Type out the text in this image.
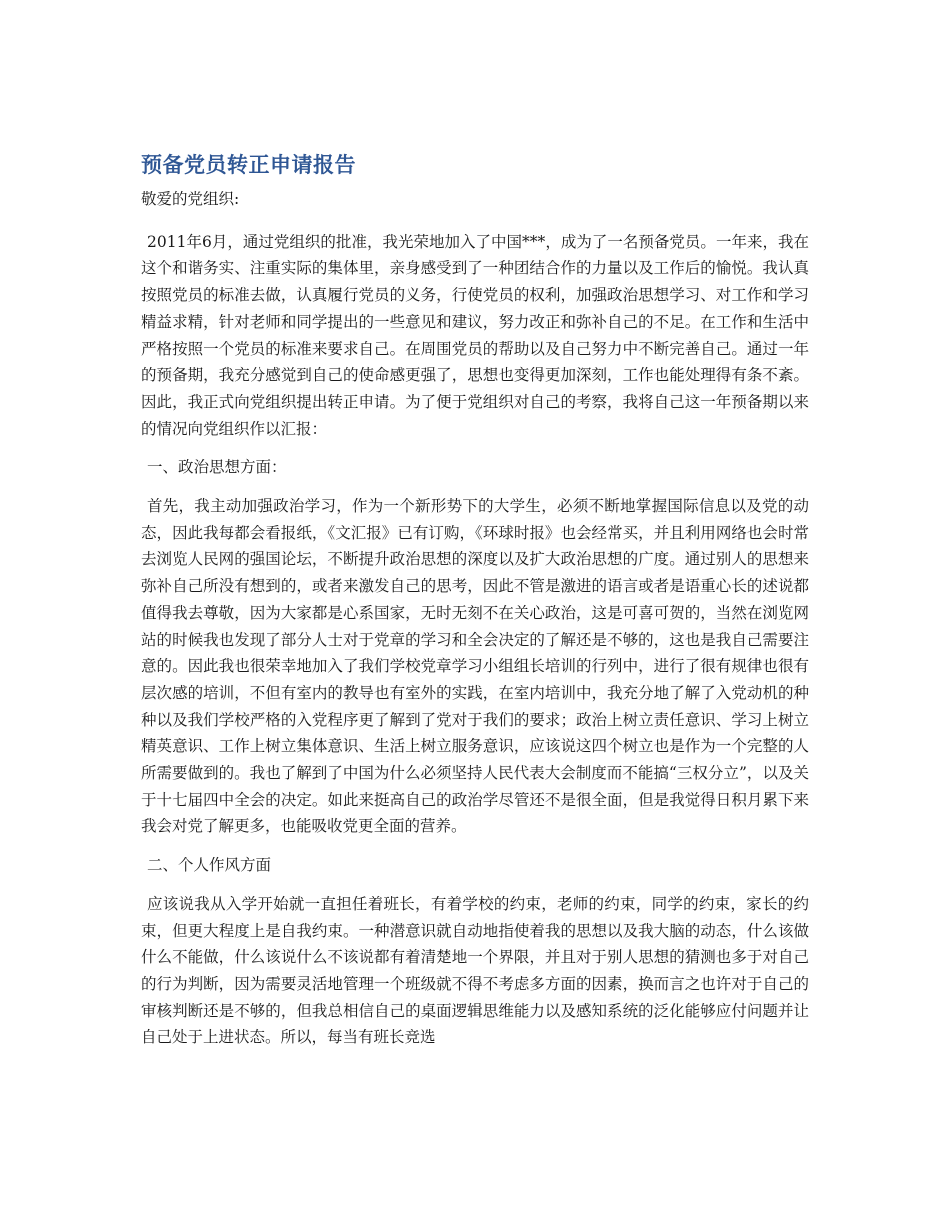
预备党员转正申请报告

敬爱的党组织:

2011年6月，通过党组织的批准，我光荣地加入了中国***，成为了一名预备党员。一年来，我在这个和谐务实、注重实际的集体里，亲身感受到了一种团结合作的力量以及工作后的愉悦。我认真按照党员的标准去做，认真履行党员的义务，行使党员的权利，加强政治思想学习、对工作和学习精益求精，针对老师和同学提出的一些意见和建议，努力改正和弥补自己的不足。在工作和生活中严格按照一个党员的标准来要求自己。在周围党员的帮助以及自己努力中不断完善自己。通过一年的预备期，我充分感觉到自己的使命感更强了，思想也变得更加深刻，工作也能处理得有条不紊。因此，我正式向党组织提出转正申请。为了便于党组织对自己的考察，我将自己这一年预备期以来的情况向党组织作以汇报：

一、政治思想方面：

首先，我主动加强政治学习，作为一个新形势下的大学生，必须不断地掌握国际信息以及党的动态，因此我每都会看报纸，《文汇报》已有订购，《环球时报》也会经常买，并且利用网络也会时常去浏览人民网的强国论坛，不断提升政治思想的深度以及扩大政治思想的广度。通过别人的思想来弥补自己所没有想到的，或者来激发自己的思考，因此不管是激进的语言或者是语重心长的述说都值得我去尊敬，因为大家都是心系国家，无时无刻不在关心政治，这是可喜可贺的，当然在浏览网站的时候我也发现了部分人士对于党章的学习和全会决定的了解还是不够的，这也是我自己需要注意的。因此我也很荣幸地加入了我们学校党章学习小组组长培训的行列中，进行了很有规律也很有层次感的培训，不但有室内的教导也有室外的实践，在室内培训中，我充分地了解了入党动机的种种以及我们学校严格的入党程序更了解到了党对于我们的要求；政治上树立责任意识、学习上树立精英意识、工作上树立集体意识、生活上树立服务意识，应该说这四个树立也是作为一个完整的人所需要做到的。我也了解到了中国为什么必须坚持人民代表大会制度而不能搞“三权分立”，以及关于十七届四中全会的决定。如此来挺高自己的政治学尽管还不是很全面，但是我觉得日积月累下来我会对党了解更多，也能吸收党更全面的营养。

二、个人作风方面

应该说我从入学开始就一直担任着班长，有着学校的约束，老师的约束，同学的约束，家长的约束，但更大程度上是自我约束。一种潜意识就自动地指使着我的思想以及我大脑的动态，什么该做什么不能做，什么该说什么不该说都有着清楚地一个界限，并且对于别人思想的猜测也多于对自己的行为判断，因为需要灵活地管理一个班级就不得不考虑多方面的因素，换而言之也许对于自己的审核判断还是不够的，但我总相信自己的桌面逻辑思维能力以及感知系统的泛化能够应付问题并让自己处于上进状态。所以，每当有班长竞选
